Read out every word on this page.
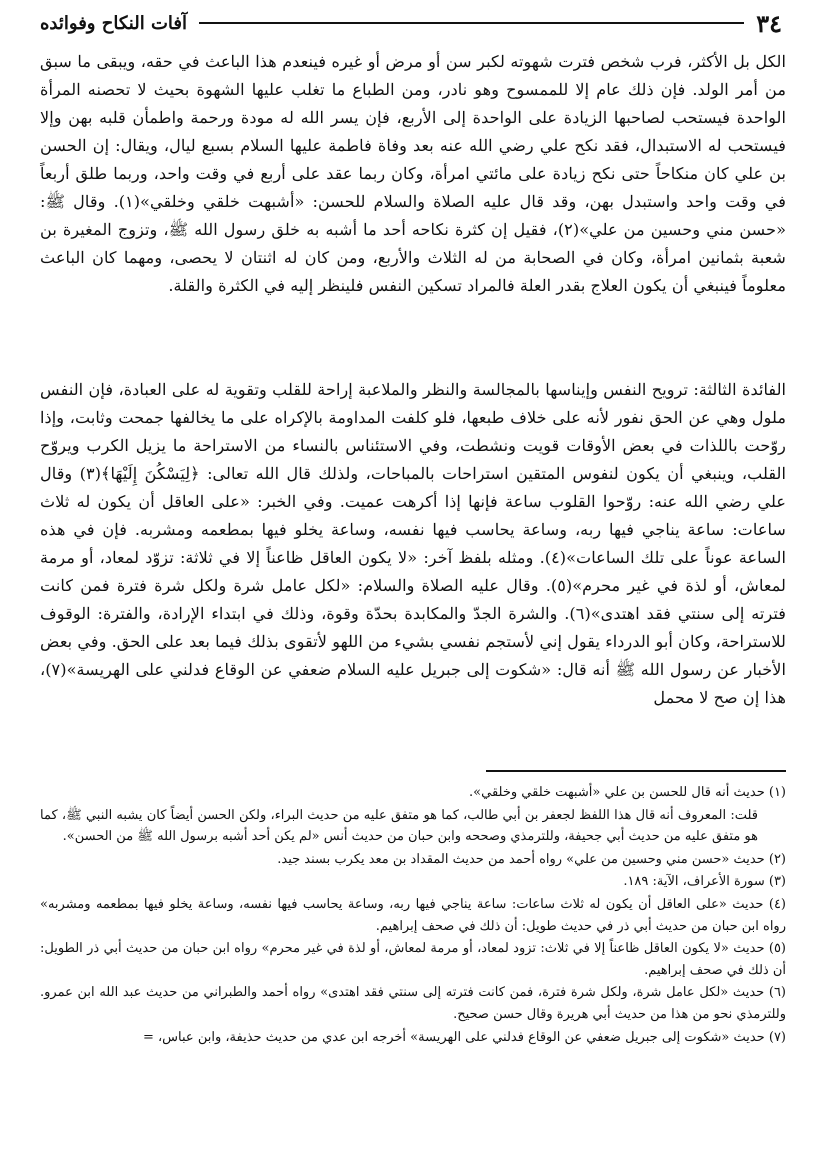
٣٤
آفات النكاح وفوائده

الكل بل الأكثر، فرب شخص فترت شهوته لكبر سن أو مرض أو غيره فينعدم هذا الباعث في حقه، ويبقى ما سبق من أمر الولد. فإن ذلك عام إلا للممسوح وهو نادر، ومن الطباع ما تغلب عليها الشهوة بحيث لا تحصنه المرأة الواحدة فيستحب لصاحبها الزيادة على الواحدة إلى الأربع، فإن يسر الله له مودة ورحمة واطمأن قلبه بهن وإلا فيستحب له الاستبدال، فقد نكح علي رضي الله عنه بعد وفاة فاطمة عليها السلام بسبع ليال، ويقال: إن الحسن بن علي كان منكاحاً حتى نكح زيادة على مائتي امرأة، وكان ربما عقد على أربع في وقت واحد، وربما طلق أربعاً في وقت واحد واستبدل بهن، وقد قال عليه الصلاة والسلام للحسن: «أشبهت خلقي وخلقي»(١). وقال ﷺ: «حسن مني وحسين من علي»(٢)، فقيل إن كثرة نكاحه أحد ما أشبه به خلق رسول الله ﷺ، وتزوج المغيرة بن شعبة بثمانين امرأة، وكان في الصحابة من له الثلاث والأربع، ومن كان له اثنتان لا يحصى، ومهما كان الباعث معلوماً فينبغي أن يكون العلاج بقدر العلة فالمراد تسكين النفس فلينظر إليه في الكثرة والقلة.

الفائدة الثالثة: ترويح النفس وإيناسها بالمجالسة والنظر والملاعبة إراحة للقلب وتقوية له على العبادة، فإن النفس ملول وهي عن الحق نفور لأنه على خلاف طبعها، فلو كلفت المداومة بالإكراه على ما يخالفها جمحت وثابت، وإذا روّحت باللذات في بعض الأوقات قويت ونشطت، وفي الاستئناس بالنساء من الاستراحة ما يزيل الكرب ويروّح القلب، وينبغي أن يكون لنفوس المتقين استراحات بالمباحات، ولذلك قال الله تعالى: ﴿لِيَسْكُنَ إِلَيْهَا﴾(٣) وقال علي رضي الله عنه: روّحوا القلوب ساعة فإنها إذا أكرهت عميت. وفي الخبر: «على العاقل أن يكون له ثلاث ساعات: ساعة يناجي فيها ربه، وساعة يحاسب فيها نفسه، وساعة يخلو فيها بمطعمه ومشربه. فإن في هذه الساعة عوناً على تلك الساعات»(٤). ومثله بلفظ آخر: «لا يكون العاقل ظاعناً إلا في ثلاثة: تزوّد لمعاد، أو مرمة لمعاش، أو لذة في غير محرم»(٥). وقال عليه الصلاة والسلام: «لكل عامل شرة ولكل شرة فترة فمن كانت فترته إلى سنتي فقد اهتدى»(٦). والشرة الجدّ والمكابدة بحدّة وقوة، وذلك في ابتداء الإرادة، والفترة: الوقوف للاستراحة، وكان أبو الدرداء يقول إني لأستجم نفسي بشيء من اللهو لأتقوى بذلك فيما بعد على الحق. وفي بعض الأخبار عن رسول الله ﷺ أنه قال: «شكوت إلى جبريل عليه السلام ضعفي عن الوقاع فدلني على الهريسة»(٧)، هذا إن صح لا محمل

(١) حديث أنه قال للحسن بن علي «أشبهت خلقي وخلقي».

قلت: المعروف أنه قال هذا اللفظ لجعفر بن أبي طالب، كما هو متفق عليه من حديث البراء، ولكن الحسن أيضاً كان يشبه النبي ﷺ، كما هو متفق عليه من حديث أبي جحيفة، وللترمذي وصححه وابن حبان من حديث أنس «لم يكن أحد أشبه برسول الله ﷺ من الحسن».

(٢) حديث «حسن مني وحسين من علي» رواه أحمد من حديث المقداد بن معد يكرب بسند جيد.

(٣) سورة الأعراف، الآية: ١٨٩.

(٤) حديث «على العاقل أن يكون له ثلاث ساعات: ساعة يناجي فيها ربه، وساعة يحاسب فيها نفسه، وساعة يخلو فيها بمطعمه ومشربه» رواه ابن حبان من حديث أبي ذر في حديث طويل: أن ذلك في صحف إبراهيم.

(٥) حديث «لا يكون العاقل ظاعناً إلا في ثلاث: تزود لمعاد، أو مرمة لمعاش، أو لذة في غير محرم» رواه ابن حبان من حديث أبي ذر الطويل: أن ذلك في صحف إبراهيم.

(٦) حديث «لكل عامل شرة، ولكل شرة فترة، فمن كانت فترته إلى سنتي فقد اهتدى» رواه أحمد والطبراني من حديث عبد الله ابن عمرو. وللترمذي نحو من هذا من حديث أبي هريرة وقال حسن صحيح.

(٧) حديث «شكوت إلى جبريل ضعفي عن الوقاع فدلني على الهريسة» أخرجه ابن عدي من حديث حذيفة، وابن عباس، =
